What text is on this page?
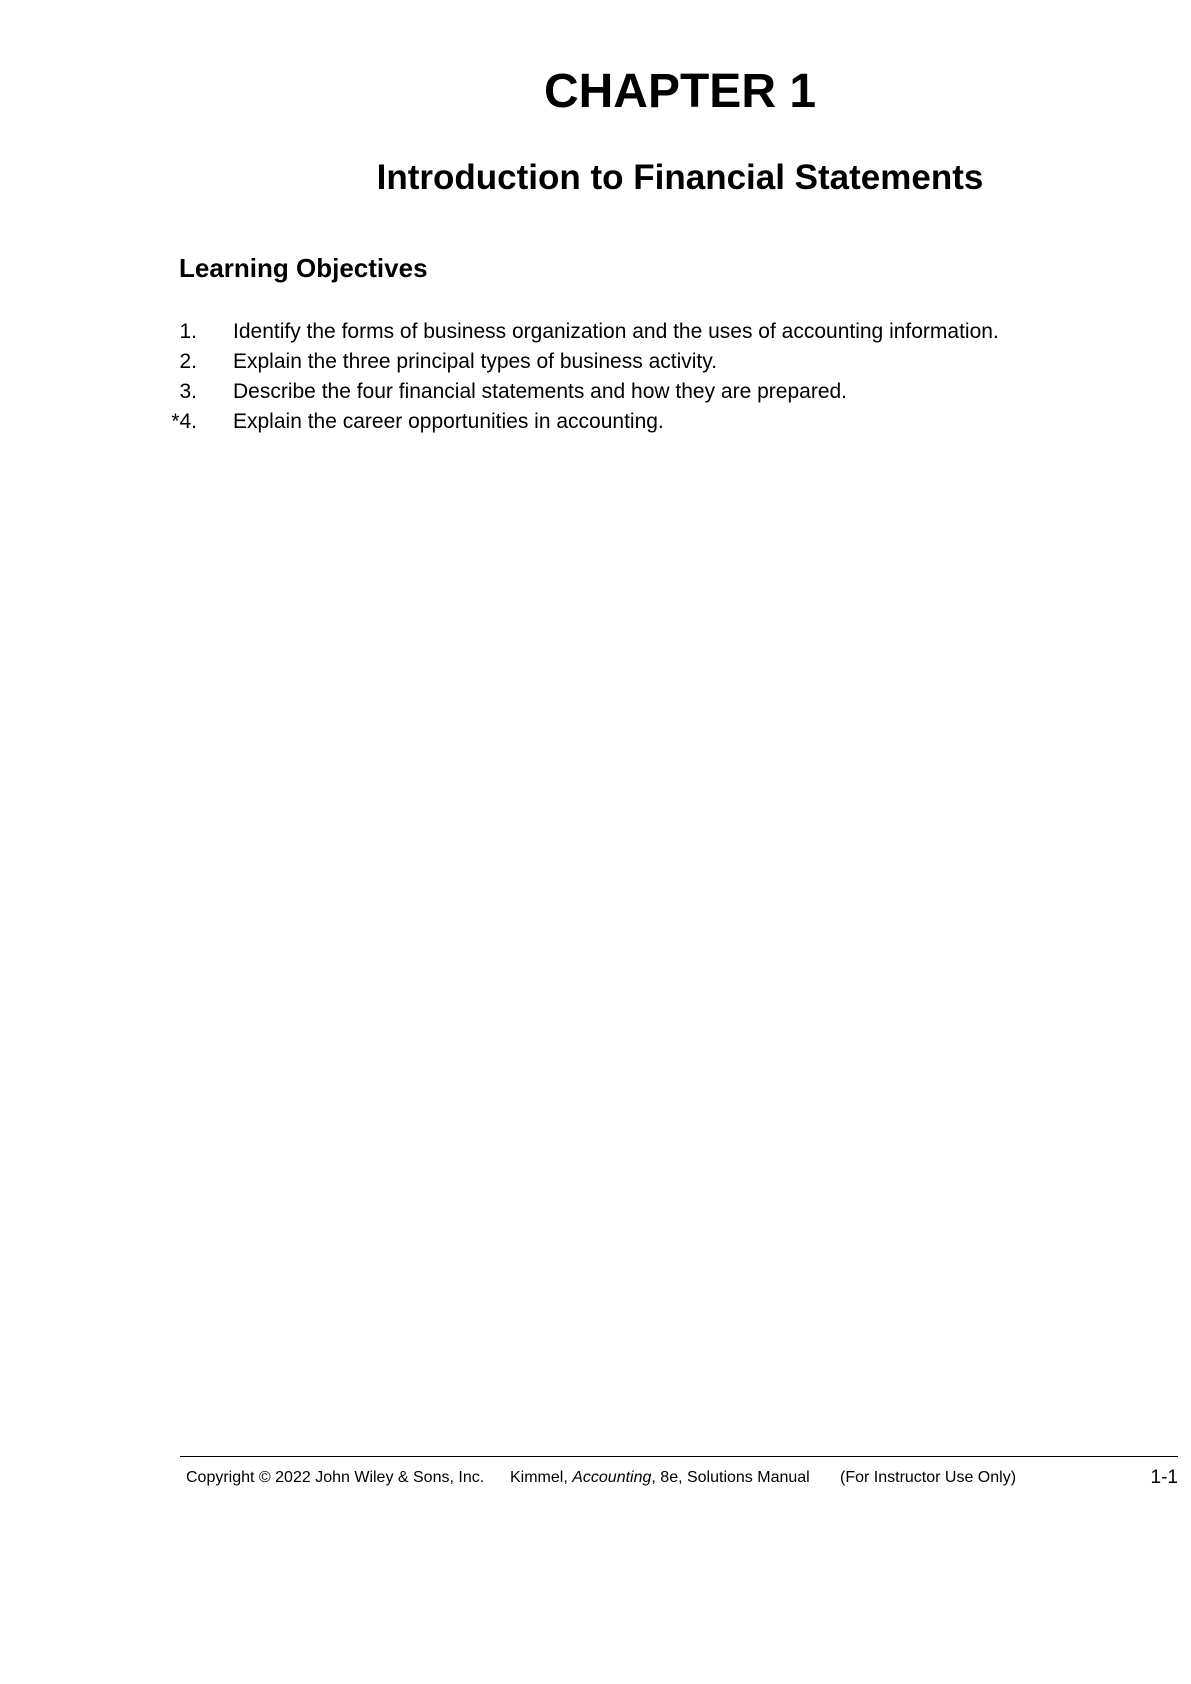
CHAPTER 1
Introduction to Financial Statements
Learning Objectives
1. Identify the forms of business organization and the uses of accounting information.
2. Explain the three principal types of business activity.
3. Describe the four financial statements and how they are prepared.
*4. Explain the career opportunities in accounting.
Copyright © 2022 John Wiley & Sons, Inc. Kimmel, Accounting, 8e, Solutions Manual (For Instructor Use Only)	1-1
